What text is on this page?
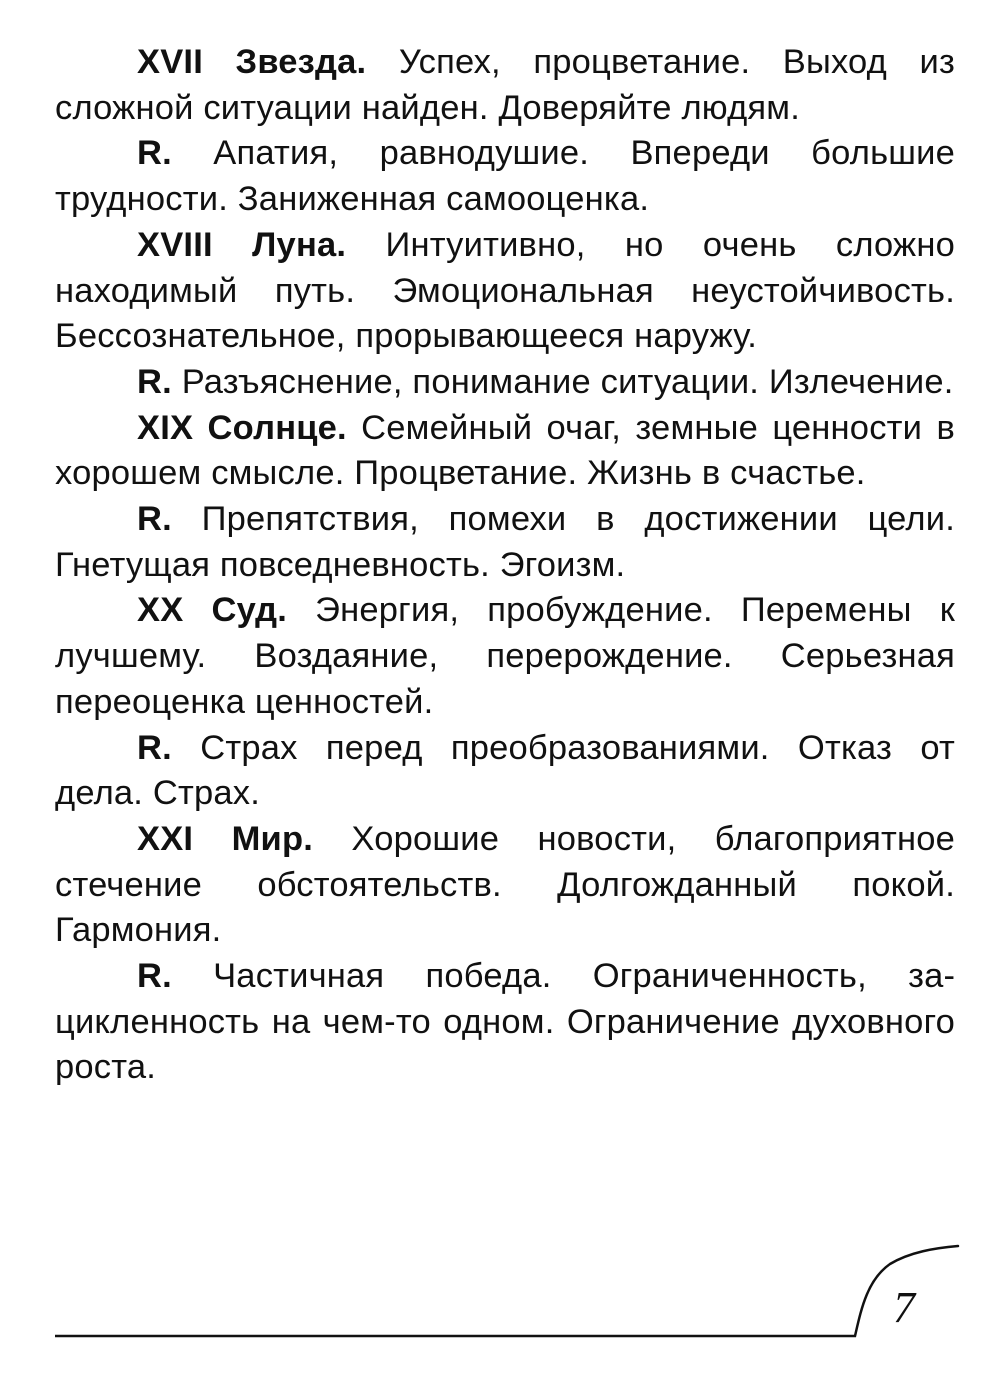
XVII Звезда. Успех, процветание. Выход из сложной ситуации найден. Доверяйте людям.

R. Апатия, равнодушие. Впереди большие трудности. Заниженная самооценка.

XVIII Луна. Интуитивно, но очень сложно находимый путь. Эмоциональная неустойчивость. Бессознательное, прорывающееся наружу.

R. Разъяснение, понимание ситуации. Излечение.

XIX Солнце. Семейный очаг, земные ценности в хорошем смысле. Процветание. Жизнь в счастье.

R. Препятствия, помехи в достижении цели. Гнетущая повседневность. Эгоизм.

XX Суд. Энергия, пробуждение. Перемены к лучшему. Воздаяние, перерождение. Серьезная переоценка ценностей.

R. Страх перед преобразованиями. Отказ от дела. Страх.

XXI Мир. Хорошие новости, благоприятное стечение обстоятельств. Долгожданный покой. Гармония.

R. Частичная победа. Ограниченность, зацикленность на чем-то одном. Ограничение духовного роста.

7
